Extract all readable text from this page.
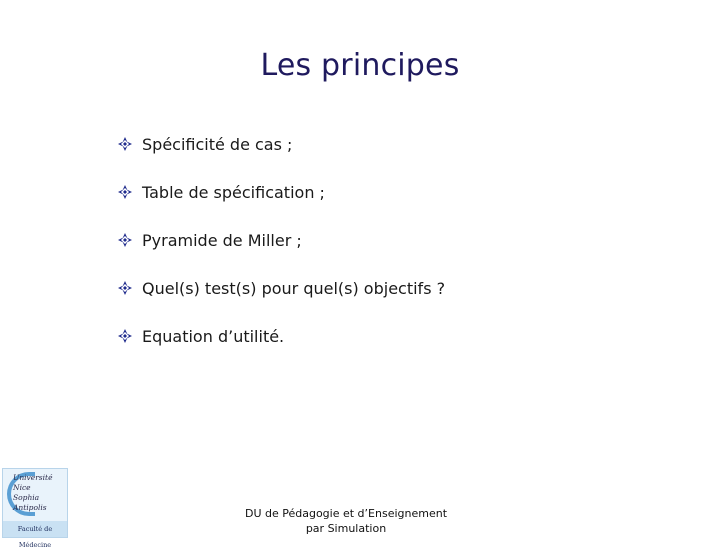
Les principes
Spécificité de cas ;
Table de spécification ;
Pyramide de Miller ;
Quel(s) test(s) pour quel(s) objectifs ?
Equation d’utilité.
Université
Nice
Sophia Antipolis
Faculté de Médecine
DU de Pédagogie et d’Enseignement
par Simulation
